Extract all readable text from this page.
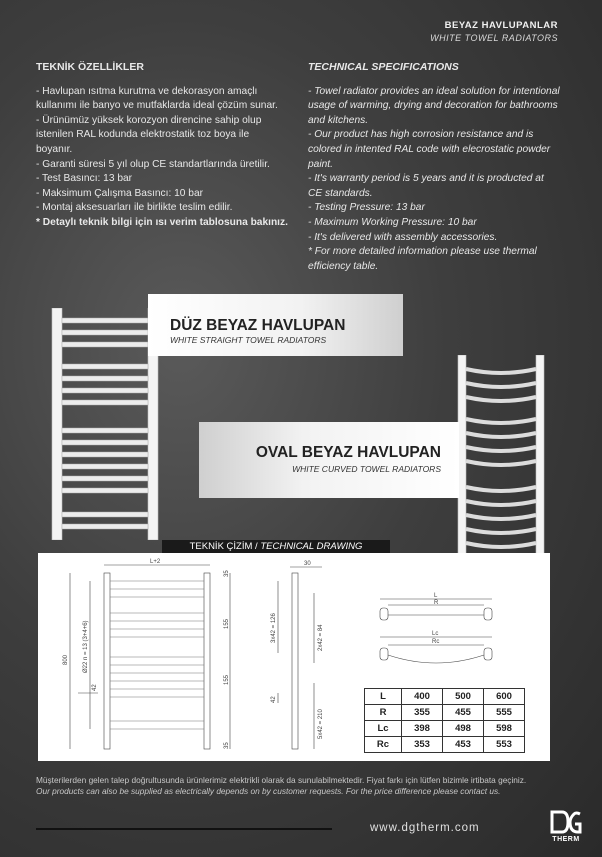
BEYAZ HAVLUPANLAR
WHITE TOWEL RADIATORS
TEKNİK ÖZELLİKLER

- Havlupan ısıtma kurutma ve dekorasyon amaçlı kullanımı ile banyo ve mutfaklarda ideal çözüm sunar.

- Ürünümüz yüksek korozyon direncine sahip olup istenilen RAL kodunda elektrostatik toz boya ile boyanır.

- Garanti süresi 5 yıl olup CE standartlarında üretilir.

- Test Basıncı: 13 bar

- Maksimum Çalışma Basıncı: 10 bar

- Montaj aksesuarları ile birlikte teslim edilir.

* Detaylı teknik bilgi için ısı verim tablosuna bakınız.

TECHNICAL SPECIFICATIONS

- Towel radiator provides an ideal solution for intentional usage of warming, drying and decoration for bathrooms and kitchens.

- Our product has high corrosion resistance and is colored in intented RAL code with elecrostatic powder paint.

- It's warranty period is 5 years and it is producted at CE standards.

- Testing Pressure: 13 bar

- Maximum Working Pressure: 10 bar

- It's delivered with assembly accessories.

* For more detailed information please use thermal efficiency table.

DÜZ BEYAZ HAVLUPAN
WHITE STRAIGHT TOWEL RADIATORS
OVAL BEYAZ HAVLUPAN
WHITE CURVED TOWEL RADIATORS
TEKNİK ÇİZİM / TECHNICAL DRAWING
L+2
800 Ø22 n = 13 (3+4+6)
35
155
155
42
35
30
3x42 = 126	2x42 = 84
42
5x42 = 210
L
R
Lc
Rc
L	400	500	600
R	355	455	555
Lc	398	498	598
Rc	353	453	553
Müşterilerden gelen talep doğrultusunda ürünlerimiz elektrikli olarak da sunulabilmektedir. Fiyat farkı için lütfen bizimle irtibata geçiniz.
Our products can also be supplied as electrically depends on by customer requests. For the price difference please contact us.
www.dgtherm.com
THERM
